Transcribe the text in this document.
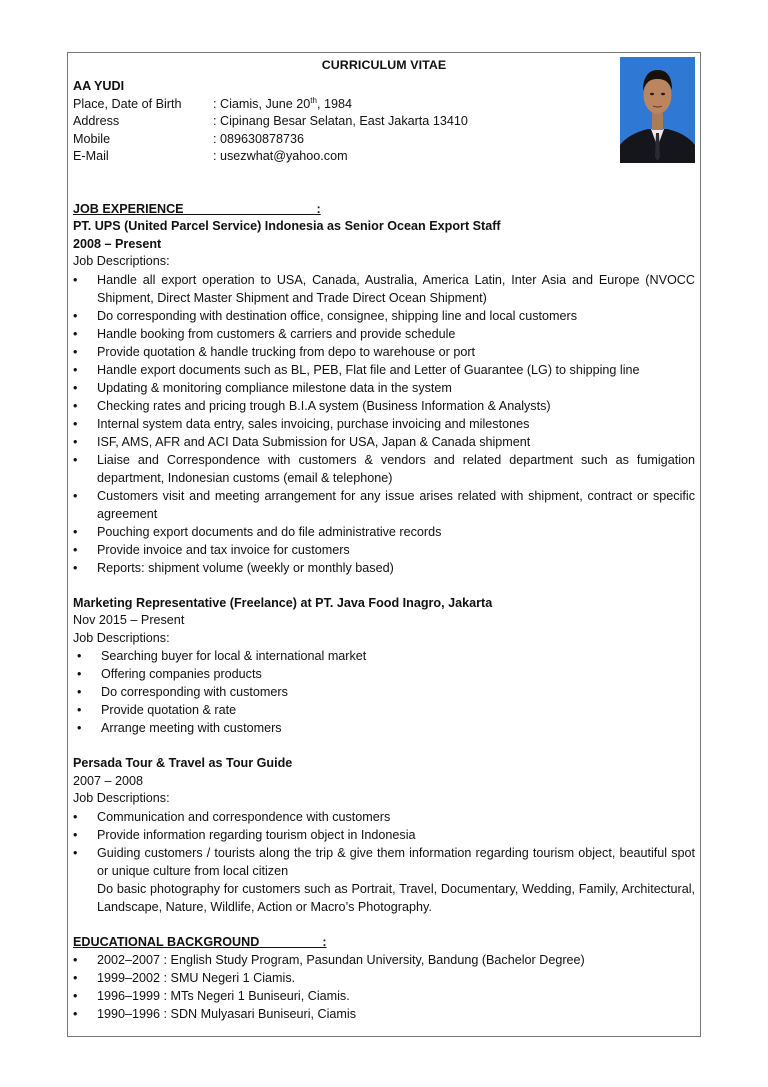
CURRICULUM VITAE
AA YUDI
Place, Date of Birth	: Ciamis, June 20th, 1984
Address	: Cipinang Besar Selatan, East Jakarta 13410
Mobile	: 089630878736
E-Mail	: usezwhat@yahoo.com
JOB EXPERIENCE                                      :
PT. UPS (United Parcel Service) Indonesia as Senior Ocean Export Staff
2008 – Present
Job Descriptions:
• Handle all export operation to USA, Canada, Australia, America Latin, Inter Asia and Europe (NVOCC Shipment, Direct Master Shipment and Trade Direct Ocean Shipment)
• Do corresponding with destination office, consignee, shipping line and local customers
• Handle booking from customers & carriers and provide schedule
• Provide quotation & handle trucking from depo to warehouse or port
• Handle export documents such as BL, PEB, Flat file and Letter of Guarantee (LG) to shipping line
• Updating & monitoring compliance milestone data in the system
• Checking rates and pricing trough B.I.A system (Business Information & Analysts)
• Internal system data entry, sales invoicing, purchase invoicing and milestones
• ISF, AMS, AFR and ACI Data Submission for USA, Japan & Canada shipment
• Liaise and Correspondence with customers & vendors and related department such as fumigation department, Indonesian customs (email & telephone)
• Customers visit and meeting arrangement for any issue arises related with shipment, contract or specific agreement
• Pouching export documents and do file administrative records
• Provide invoice and tax invoice for customers
• Reports: shipment volume (weekly or monthly based)
Marketing Representative (Freelance) at PT. Java Food Inagro, Jakarta
Nov 2015 – Present
Job Descriptions:
• Searching buyer for local & international market
• Offering companies products
• Do corresponding with customers
• Provide quotation & rate
• Arrange meeting with customers
Persada Tour & Travel as Tour Guide
2007 – 2008
Job Descriptions:
• Communication and correspondence with customers
• Provide information regarding tourism object in Indonesia
• Guiding customers / tourists along the trip & give them information regarding tourism object, beautiful spot or unique culture from local citizen
Do basic photography for customers such as Portrait, Travel, Documentary, Wedding, Family, Architectural, Landscape, Nature, Wildlife, Action or Macro’s Photography.
EDUCATIONAL BACKGROUND                  :
• 2002–2007 : English Study Program, Pasundan University, Bandung (Bachelor Degree)
• 1999–2002 : SMU Negeri 1 Ciamis.
• 1996–1999 : MTs Negeri 1 Buniseuri, Ciamis.
• 1990–1996 : SDN Mulyasari Buniseuri, Ciamis
